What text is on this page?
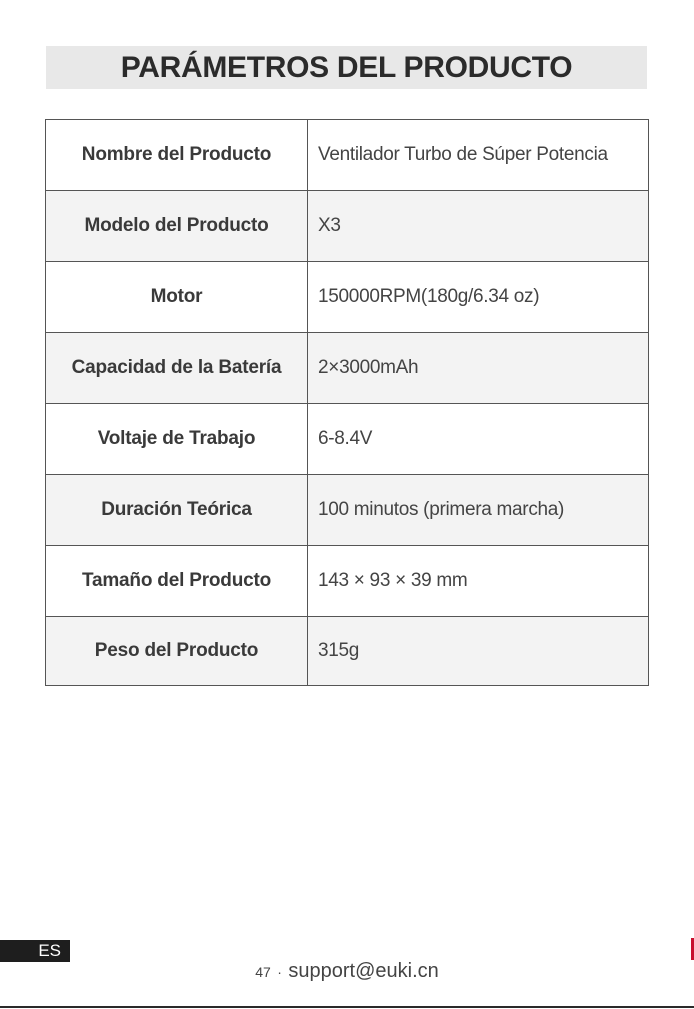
PARÁMETROS DEL PRODUCTO
Nombre del Producto	Ventilador Turbo de Súper Potencia
Modelo del Producto	X3
Motor	150000RPM(180g/6.34 oz)
Capacidad de la Batería	2×3000mAh
Voltaje de Trabajo	6-8.4V
Duración Teórica	100 minutos (primera marcha)
Tamaño del Producto	143 × 93 × 39 mm
Peso del Producto	315g
ES
47 · support@euki.cn
